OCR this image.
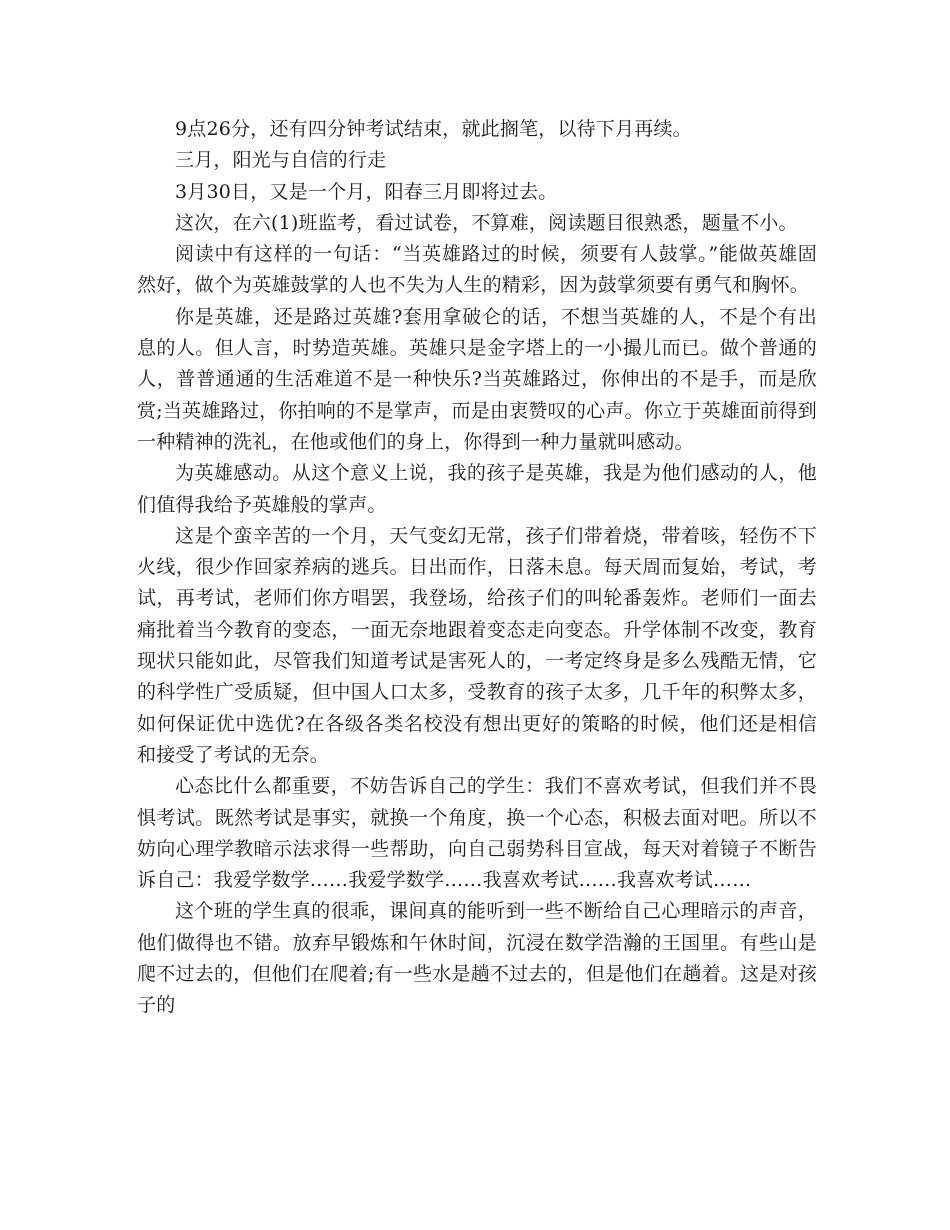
9点26分，还有四分钟考试结束，就此搁笔，以待下月再续。

三月，阳光与自信的行走

3月30日，又是一个月，阳春三月即将过去。

这次，在六(1)班监考，看过试卷，不算难，阅读题目很熟悉，题量不小。

阅读中有这样的一句话：“当英雄路过的时候，须要有人鼓掌。”能做英雄固然好，做个为英雄鼓掌的人也不失为人生的精彩，因为鼓掌须要有勇气和胸怀。

你是英雄，还是路过英雄?套用拿破仑的话，不想当英雄的人，不是个有出息的人。但人言，时势造英雄。英雄只是金字塔上的一小撮儿而已。做个普通的人，普普通通的生活难道不是一种快乐?当英雄路过，你伸出的不是手，而是欣赏;当英雄路过，你拍响的不是掌声，而是由衷赞叹的心声。你立于英雄面前得到一种精神的洗礼，在他或他们的身上，你得到一种力量就叫感动。

为英雄感动。从这个意义上说，我的孩子是英雄，我是为他们感动的人，他们值得我给予英雄般的掌声。

这是个蛮辛苦的一个月，天气变幻无常，孩子们带着烧，带着咳，轻伤不下火线，很少作回家养病的逃兵。日出而作，日落未息。每天周而复始，考试，考试，再考试，老师们你方唱罢，我登场，给孩子们的叫轮番轰炸。老师们一面去痛批着当今教育的变态，一面无奈地跟着变态走向变态。升学体制不改变，教育现状只能如此，尽管我们知道考试是害死人的，一考定终身是多么残酷无情，它的科学性广受质疑，但中国人口太多，受教育的孩子太多，几千年的积弊太多，如何保证优中选优?在各级各类名校没有想出更好的策略的时候，他们还是相信和接受了考试的无奈。

心态比什么都重要，不妨告诉自己的学生：我们不喜欢考试，但我们并不畏惧考试。既然考试是事实，就换一个角度，换一个心态，积极去面对吧。所以不妨向心理学教暗示法求得一些帮助，向自己弱势科目宣战，每天对着镜子不断告诉自己：我爱学数学……我爱学数学……我喜欢考试……我喜欢考试……

这个班的学生真的很乖，课间真的能听到一些不断给自己心理暗示的声音，他们做得也不错。放弃早锻炼和午休时间，沉浸在数学浩瀚的王国里。有些山是爬不过去的，但他们在爬着;有一些水是趟不过去的，但是他们在趟着。这是对孩子的
